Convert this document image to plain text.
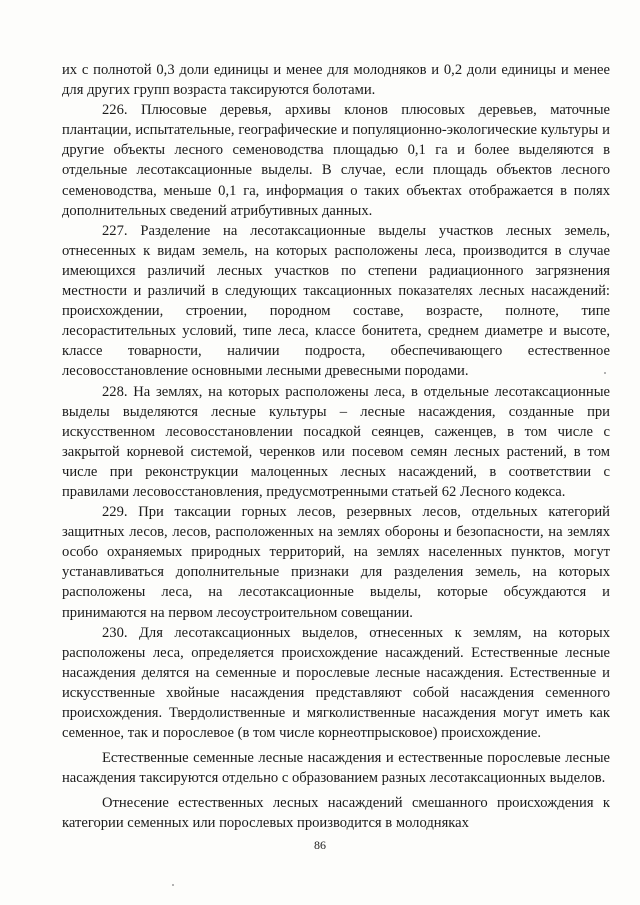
их с полнотой 0,3 доли единицы и менее для молодняков и 0,2 доли единицы и менее для других групп возраста таксируются болотами.

226. Плюсовые деревья, архивы клонов плюсовых деревьев, маточные плантации, испытательные, географические и популяционно-экологические культуры и другие объекты лесного семеноводства площадью 0,1 га и более выделяются в отдельные лесотаксационные выделы. В случае, если площадь объектов лесного семеноводства, меньше 0,1 га, информация о таких объектах отображается в полях дополнительных сведений атрибутивных данных.

227. Разделение на лесотаксационные выделы участков лесных земель, отнесенных к видам земель, на которых расположены леса, производится в случае имеющихся различий лесных участков по степени радиационного загрязнения местности и различий в следующих таксационных показателях лесных насаждений: происхождении, строении, породном составе, возрасте, полноте, типе лесорастительных условий, типе леса, классе бонитета, среднем диаметре и высоте, классе товарности, наличии подроста, обеспечивающего естественное лесовосстановление основными лесными древесными породами.

228. На землях, на которых расположены леса, в отдельные лесотаксационные выделы выделяются лесные культуры – лесные насаждения, созданные при искусственном лесовосстановлении посадкой сеянцев, саженцев, в том числе с закрытой корневой системой, черенков или посевом семян лесных растений, в том числе при реконструкции малоценных лесных насаждений, в соответствии с правилами лесовосстановления, предусмотренными статьей 62 Лесного кодекса.

229. При таксации горных лесов, резервных лесов, отдельных категорий защитных лесов, лесов, расположенных на землях обороны и безопасности, на землях особо охраняемых природных территорий, на землях населенных пунктов, могут устанавливаться дополнительные признаки для разделения земель, на которых расположены леса, на лесотаксационные выделы, которые обсуждаются и принимаются на первом лесоустроительном совещании.

230. Для лесотаксационных выделов, отнесенных к землям, на которых расположены леса, определяется происхождение насаждений. Естественные лесные насаждения делятся на семенные и порослевые лесные насаждения. Естественные и искусственные хвойные насаждения представляют собой насаждения семенного происхождения. Твердолиственные и мягколиственные насаждения могут иметь как семенное, так и порослевое (в том числе корнеотпрысковое) происхождение.

Естественные семенные лесные насаждения и естественные порослевые лесные насаждения таксируются отдельно с образованием разных лесотаксационных выделов.

Отнесение естественных лесных насаждений смешанного происхождения к категории семенных или порослевых производится в молодняках

86
